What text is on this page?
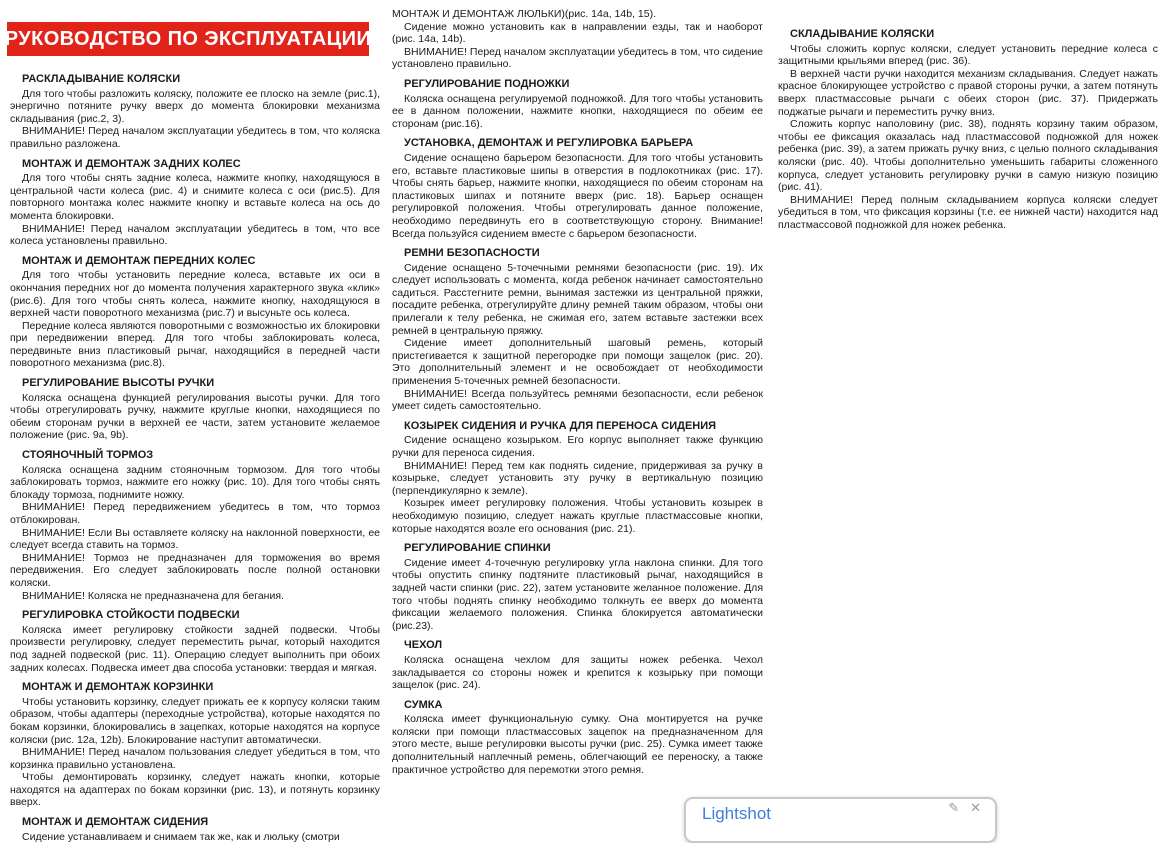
РУКОВОДСТВО ПО ЭКСПЛУАТАЦИИ
РАСКЛАДЫВАНИЕ КОЛЯСКИ
Для того чтобы разложить коляску, положите ее плоско на земле (рис.1), энергично потяните ручку вверх до момента блокировки механизма складывания (рис.2, 3).
ВНИМАНИЕ! Перед началом эксплуатации убедитесь в том, что коляска правильно разложена.
МОНТАЖ И ДЕМОНТАЖ ЗАДНИХ КОЛЕС
Для того чтобы снять задние колеса, нажмите кнопку, находящуюся в центральной части колеса (рис. 4) и снимите колеса с оси (рис.5). Для повторного монтажа колес нажмите кнопку и вставьте колеса на ось до момента блокировки.
ВНИМАНИЕ! Перед началом эксплуатации убедитесь в том, что все колеса установлены правильно.
МОНТАЖ И ДЕМОНТАЖ ПЕРЕДНИХ КОЛЕС
Для того чтобы установить передние колеса, вставьте их оси в окончания передних ног до момента получения характерного звука «клик» (рис.6). Для того чтобы снять колеса, нажмите кнопку, находящуюся в верхней части поворотного механизма (рис.7) и высуньте ось колеса.
Передние колеса являются поворотными с возможностью их блокировки при передвижении вперед. Для того чтобы заблокировать колеса, передвиньте вниз пластиковый рычаг, находящийся в передней части поворотного механизма (рис.8).
РЕГУЛИРОВАНИЕ ВЫСОТЫ РУЧКИ
Коляска оснащена функцией регулирования высоты ручки. Для того чтобы отрегулировать ручку, нажмите круглые кнопки, находящиеся по обеим сторонам ручки в верхней ее части, затем установите желаемое положение (рис. 9a, 9b).
СТОЯНОЧНЫЙ ТОРМОЗ
Коляска оснащена задним стояночным тормозом. Для того чтобы заблокировать тормоз, нажмите его ножку (рис. 10). Для того чтобы снять блокаду тормоза, поднимите ножку.
ВНИМАНИЕ! Перед передвижением убедитесь в том, что тормоз отблокирован.
ВНИМАНИЕ! Если Вы оставляете коляску на наклонной поверхности, ее следует всегда ставить на тормоз.
ВНИМАНИЕ! Тормоз не предназначен для торможения во время передвижения. Его следует заблокировать после полной остановки коляски.
ВНИМАНИЕ! Коляска не предназначена для бегания.
РЕГУЛИРОВКА СТОЙКОСТИ ПОДВЕСКИ
Коляска имеет регулировку стойкости задней подвески. Чтобы произвести регулировку, следует переместить рычаг, который находится под задней подвеской (рис. 11). Операцию следует выполнить при обоих задних колесах. Подвеска имеет два способа установки: твердая и мягкая.
МОНТАЖ И ДЕМОНТАЖ КОРЗИНКИ
Чтобы установить корзинку, следует прижать ее к корпусу коляски таким образом, чтобы адаптеры (переходные устройства), которые находятся по бокам корзинки, блокировались в зацепках, которые находятся на корпусе коляски (рис. 12a, 12b). Блокирование наступит автоматически.
ВНИМАНИЕ! Перед началом пользования следует убедиться в том, что корзинка правильно установлена.
Чтобы демонтировать корзинку, следует нажать кнопки, которые находятся на адаптерах по бокам корзинки (рис. 13), и потянуть корзинку вверх.
МОНТАЖ И ДЕМОНТАЖ СИДЕНИЯ
Сидение устанавливаем и снимаем так же, как и люльку (смотри
МОНТАЖ И ДЕМОНТАЖ ЛЮЛЬКИ)(рис. 14a, 14b, 15).
Сидение можно установить как в направлении езды, так и наоборот (рис. 14a, 14b).
ВНИМАНИЕ! Перед началом эксплуатации убедитесь в том, что сидение установлено правильно.
РЕГУЛИРОВАНИЕ ПОДНОЖКИ
Коляска оснащена регулируемой подножкой. Для того чтобы установить ее в данном положении, нажмите кнопки, находящиеся по обеим ее сторонам (рис.16).
УСТАНОВКА, ДЕМОНТАЖ И РЕГУЛИРОВКА БАРЬЕРА
Сидение оснащено барьером безопасности. Для того чтобы установить его, вставьте пластиковые шипы в отверстия в подлокотниках (рис. 17). Чтобы снять барьер, нажмите кнопки, находящиеся по обеим сторонам на пластиковых шипах и потяните вверх (рис. 18). Барьер оснащен регулировкой положения. Чтобы отрегулировать данное положение, необходимо передвинуть его в соответствующую сторону. Внимание! Всегда пользуйся сидением вместе с барьером безопасности.
РЕМНИ БЕЗОПАСНОСТИ
Сидение оснащено 5-точечными ремнями безопасности (рис. 19). Их следует использовать с момента, когда ребенок начинает самостоятельно садиться. Расстегните ремни, вынимая застежки из центральной пряжки, посадите ребенка, отрегулируйте длину ремней таким образом, чтобы они прилегали к телу ребенка, не сжимая его, затем вставьте застежки всех ремней в центральную пряжку.
Сидение имеет дополнительный шаговый ремень, который пристегивается к защитной перегородке при помощи защелок (рис. 20). Это дополнительный элемент и не освобождает от необходимости применения 5-точечных ремней безопасности.
ВНИМАНИЕ! Всегда пользуйтесь ремнями безопасности, если ребенок умеет сидеть самостоятельно.
КОЗЫРЕК СИДЕНИЯ И РУЧКА ДЛЯ ПЕРЕНОСА СИДЕНИЯ
Сидение оснащено козырьком. Его корпус выполняет также функцию ручки для переноса сидения.
ВНИМАНИЕ! Перед тем как поднять сидение, придерживая за ручку в козырьке, следует установить эту ручку в вертикальную позицию (перпендикулярно к земле).
Козырек имеет регулировку положения. Чтобы установить козырек в необходимую позицию, следует нажать круглые пластмассовые кнопки, которые находятся возле его основания (рис. 21).
РЕГУЛИРОВАНИЕ СПИНКИ
Сидение имеет 4-точечную регулировку угла наклона спинки. Для того чтобы опустить спинку подтяните пластиковый рычаг, находящийся в задней части спинки (рис. 22), затем установите желанное положение. Для того чтобы поднять спинку необходимо толкнуть ее вверх до момента фиксации желаемого положения. Спинка блокируется автоматически (рис.23).
ЧЕХОЛ
Коляска оснащена чехлом для защиты ножек ребенка. Чехол закладывается со стороны ножек и крепится к козырьку при помощи защелок (рис. 24).
СУМКА
Коляска имеет функциональную сумку. Она монтируется на ручке коляски при помощи пластмассовых зацепок на предназначенном для этого месте, выше регулировки высоты ручки (рис. 25). Сумка имеет также дополнительный наплечный ремень, облегчающий ее переноску, а также практичное устройство для перемотки этого ремня.
СКЛАДЫВАНИЕ КОЛЯСКИ
Чтобы сложить корпус коляски, следует установить передние колеса с защитными крыльями вперед (рис. 36).
В верхней части ручки находится механизм складывания. Следует нажать красное блокирующее устройство с правой стороны ручки, а затем потянуть вверх пластмассовые рычаги с обеих сторон (рис. 37). Придержать поджатые рычаги и переместить ручку вниз.
Сложить корпус наполовину (рис. 38), поднять корзину таким образом, чтобы ее фиксация оказалась над пластмассовой подножкой для ножек ребенка (рис. 39), а затем прижать ручку вниз, с целью полного складывания коляски (рис. 40). Чтобы дополнительно уменьшить габариты сложенного корпуса, следует установить регулировку ручки в самую низкую позицию (рис. 41).
ВНИМАНИЕ! Перед полным складыванием корпуса коляски следует убедиться в том, что фиксация корзины (т.е. ее нижней части) находится над пластмассовой подножкой для ножек ребенка.
Lightshot	✎ ✕
